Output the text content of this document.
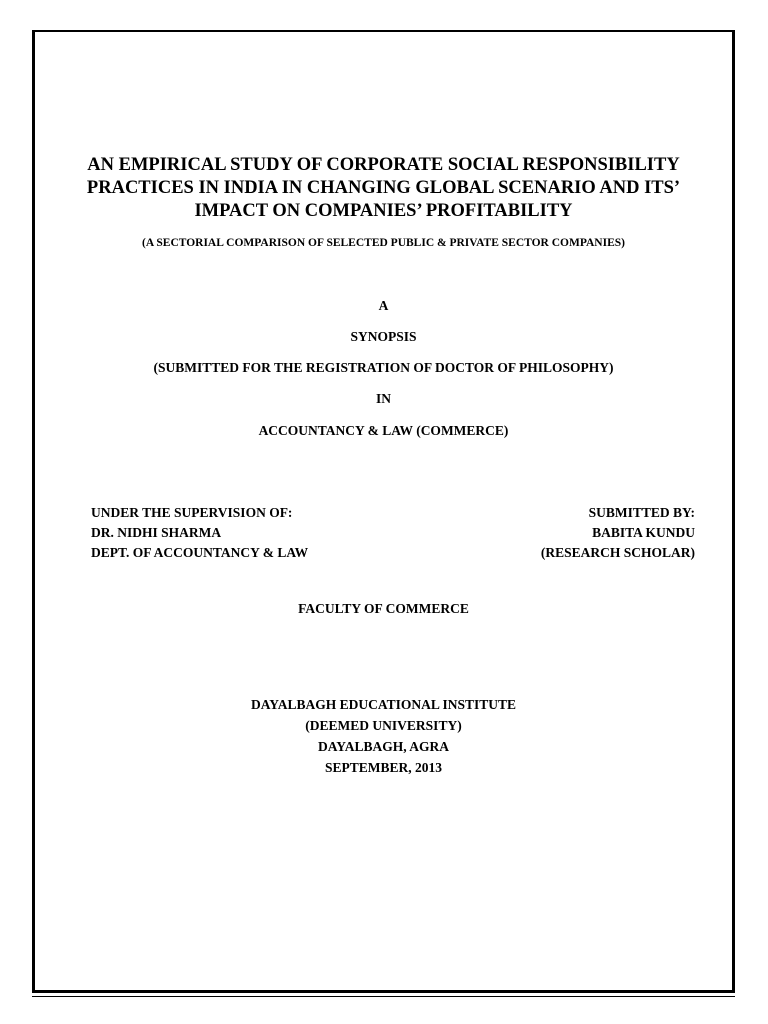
AN EMPIRICAL STUDY OF CORPORATE SOCIAL RESPONSIBILITY
PRACTICES IN INDIA IN CHANGING GLOBAL SCENARIO AND ITS’
IMPACT ON COMPANIES’ PROFITABILITY
(A SECTORIAL COMPARISON OF SELECTED PUBLIC & PRIVATE SECTOR COMPANIES)
A
SYNOPSIS
(SUBMITTED FOR THE REGISTRATION OF DOCTOR OF PHILOSOPHY)
IN
ACCOUNTANCY & LAW (COMMERCE)
UNDER THE SUPERVISION OF:	SUBMITTED BY:
DR. NIDHI SHARMA	BABITA KUNDU
DEPT. OF ACCOUNTANCY & LAW	(RESEARCH SCHOLAR)
FACULTY OF COMMERCE
DAYALBAGH EDUCATIONAL INSTITUTE
(DEEMED UNIVERSITY)
DAYALBAGH, AGRA
SEPTEMBER, 2013
